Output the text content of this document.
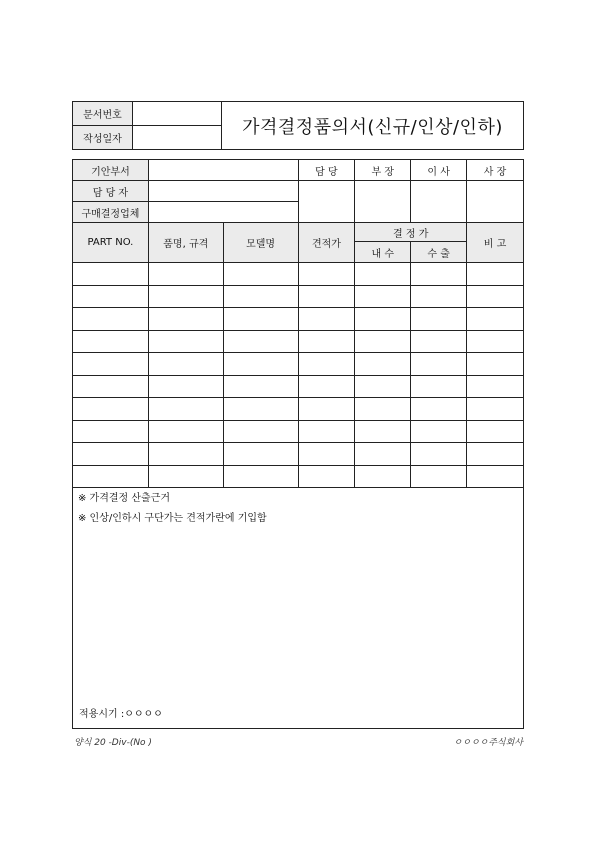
문서번호		가격결정품의서(신규/인상/인하)
작성일자		
기안부서			담 당	부 장	이 사	사 장
담 당 자						
구매결정업체						
PART NO.	품명, 규격	모델명	견적가	결 정 가		비 고
				내 수	수 출	

※ 가격결정 산출근거
※ 인상/인하시 구단가는 견적가란에 기입함
적용시기 :ㅇㅇㅇㅇ
양식 20 -Div-(No )	ㅇㅇㅇㅇ주식회사
